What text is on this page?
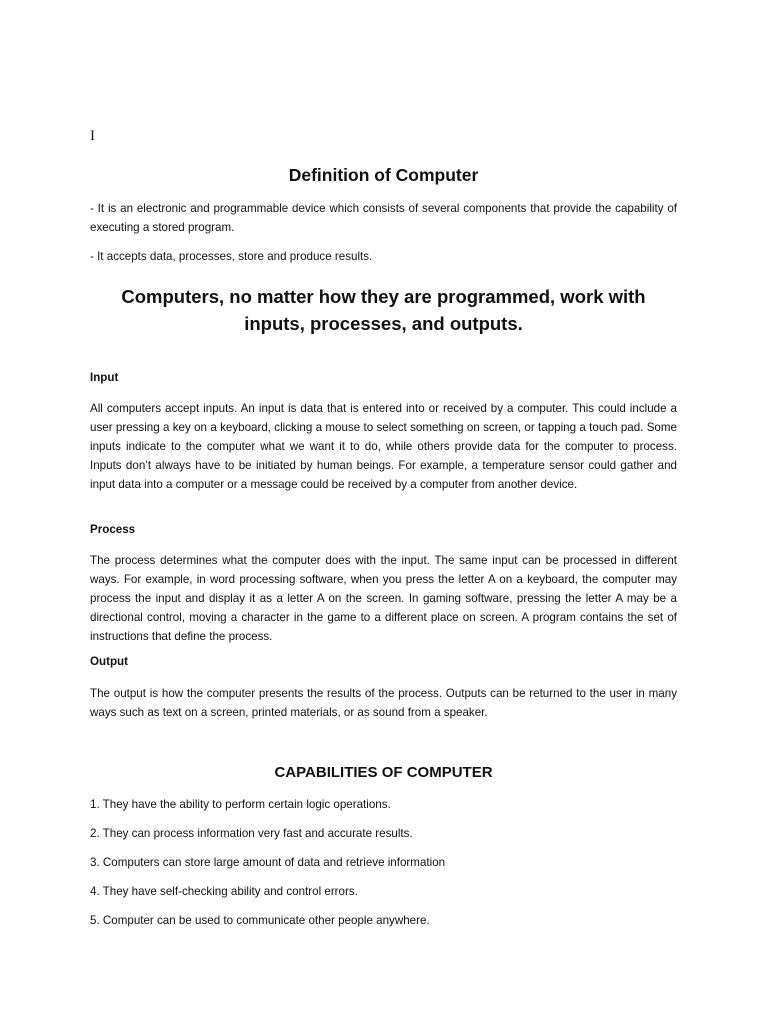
I
Definition of Computer
- It is an electronic and programmable device which consists of several components that provide the capability of executing a stored program.
- It accepts data, processes, store and produce results.
Computers, no matter how they are programmed, work with inputs, processes, and outputs.
Input
All computers accept inputs. An input is data that is entered into or received by a computer. This could include a user pressing a key on a keyboard, clicking a mouse to select something on screen, or tapping a touch pad. Some inputs indicate to the computer what we want it to do, while others provide data for the computer to process. Inputs don’t always have to be initiated by human beings. For example, a temperature sensor could gather and input data into a computer or a message could be received by a computer from another device.
Process
The process determines what the computer does with the input. The same input can be processed in different ways. For example, in word processing software, when you press the letter A on a keyboard, the computer may process the input and display it as a letter A on the screen. In gaming software, pressing the letter A may be a directional control, moving a character in the game to a different place on screen. A program contains the set of instructions that define the process.
Output
The output is how the computer presents the results of the process. Outputs can be returned to the user in many ways such as text on a screen, printed materials, or as sound from a speaker.
CAPABILITIES OF COMPUTER
1. They have the ability to perform certain logic operations.
2. They can process information very fast and accurate results.
3. Computers can store large amount of data and retrieve information
4. They have self-checking ability and control errors.
5. Computer can be used to communicate other people anywhere.
